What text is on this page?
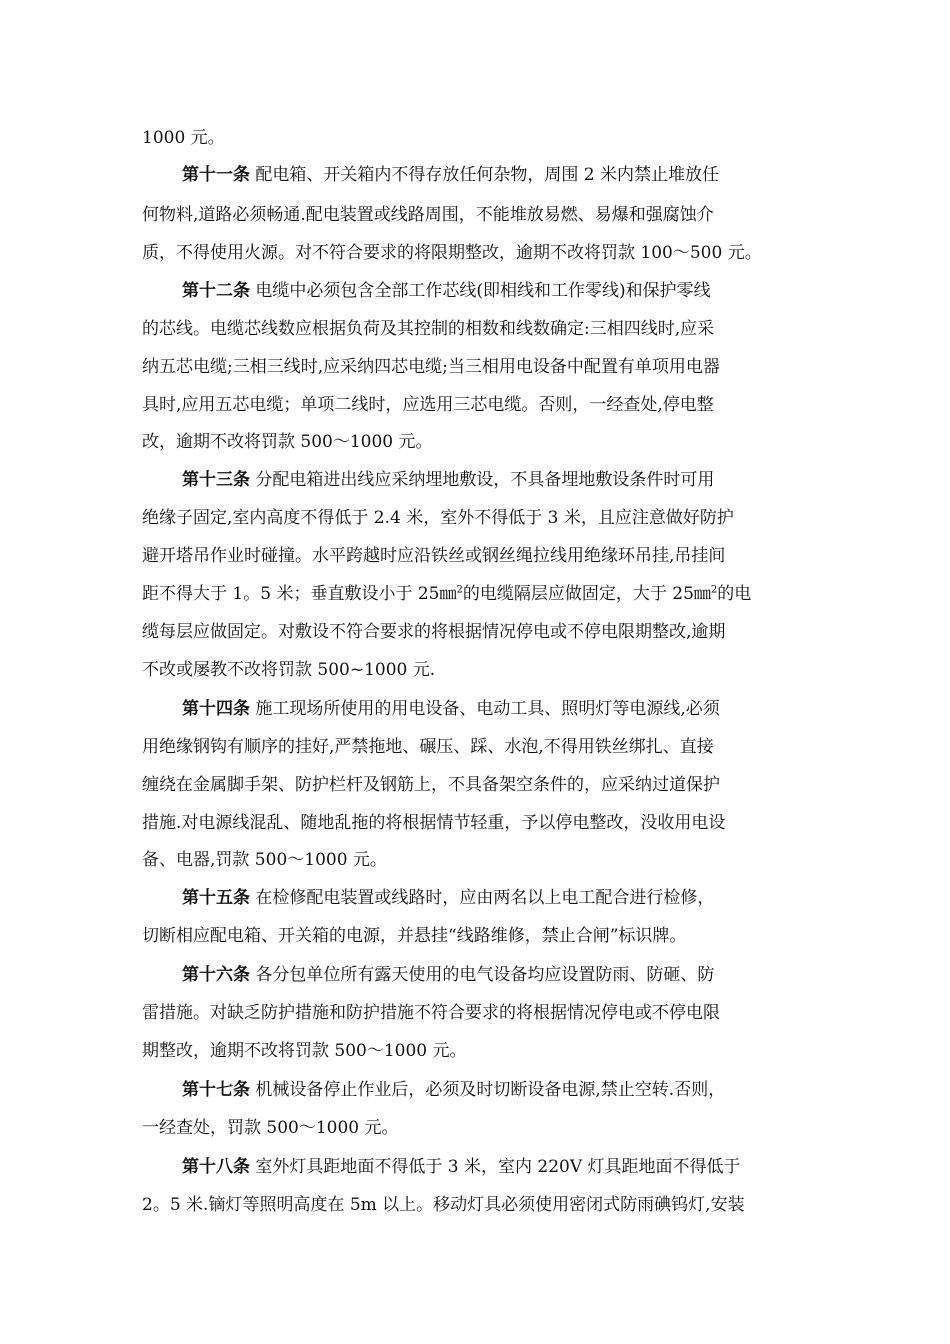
1000 元。
第十一条 配电箱、开关箱内不得存放任何杂物，周围 2 米内禁止堆放任
何物料,道路必须畅通.配电装置或线路周围，不能堆放易燃、易爆和强腐蚀介
质，不得使用火源。对不符合要求的将限期整改，逾期不改将罚款 100～500 元。
第十二条 电缆中必须包含全部工作芯线(即相线和工作零线)和保护零线
的芯线。电缆芯线数应根据负荷及其控制的相数和线数确定:三相四线时,应采
纳五芯电缆;三相三线时,应采纳四芯电缆;当三相用电设备中配置有单项用电器
具时,应用五芯电缆；单项二线时，应选用三芯电缆。否则，一经查处,停电整
改，逾期不改将罚款 500～1000 元。
第十三条 分配电箱进出线应采纳埋地敷设，不具备埋地敷设条件时可用
绝缘子固定,室内高度不得低于 2.4 米，室外不得低于 3 米，且应注意做好防护
避开塔吊作业时碰撞。水平跨越时应沿铁丝或钢丝绳拉线用绝缘环吊挂,吊挂间
距不得大于 1。5 米；垂直敷设小于 25㎜$^2$的电缆隔层应做固定，大于 25㎜$^2$的电
缆每层应做固定。对敷设不符合要求的将根据情况停电或不停电限期整改,逾期
不改或屡教不改将罚款 500~1000 元.
第十四条 施工现场所使用的用电设备、电动工具、照明灯等电源线,必须
用绝缘钢钩有顺序的挂好,严禁拖地、碾压、踩、水泡,不得用铁丝绑扎、直接
缠绕在金属脚手架、防护栏杆及钢筋上，不具备架空条件的，应采纳过道保护
措施.对电源线混乱、随地乱拖的将根据情节轻重，予以停电整改，没收用电设
备、电器,罚款 500～1000 元。
第十五条 在检修配电装置或线路时，应由两名以上电工配合进行检修，
切断相应配电箱、开关箱的电源，并悬挂“线路维修，禁止合闸”标识牌。
第十六条 各分包单位所有露天使用的电气设备均应设置防雨、防砸、防
雷措施。对缺乏防护措施和防护措施不符合要求的将根据情况停电或不停电限
期整改，逾期不改将罚款 500～1000 元。
第十七条 机械设备停止作业后，必须及时切断设备电源,禁止空转.否则，
一经查处，罚款 500～1000 元。
第十八条 室外灯具距地面不得低于 3 米，室内 220V 灯具距地面不得低于
2。5 米.镝灯等照明高度在 5m 以上。移动灯具必须使用密闭式防雨碘钨灯,安装
